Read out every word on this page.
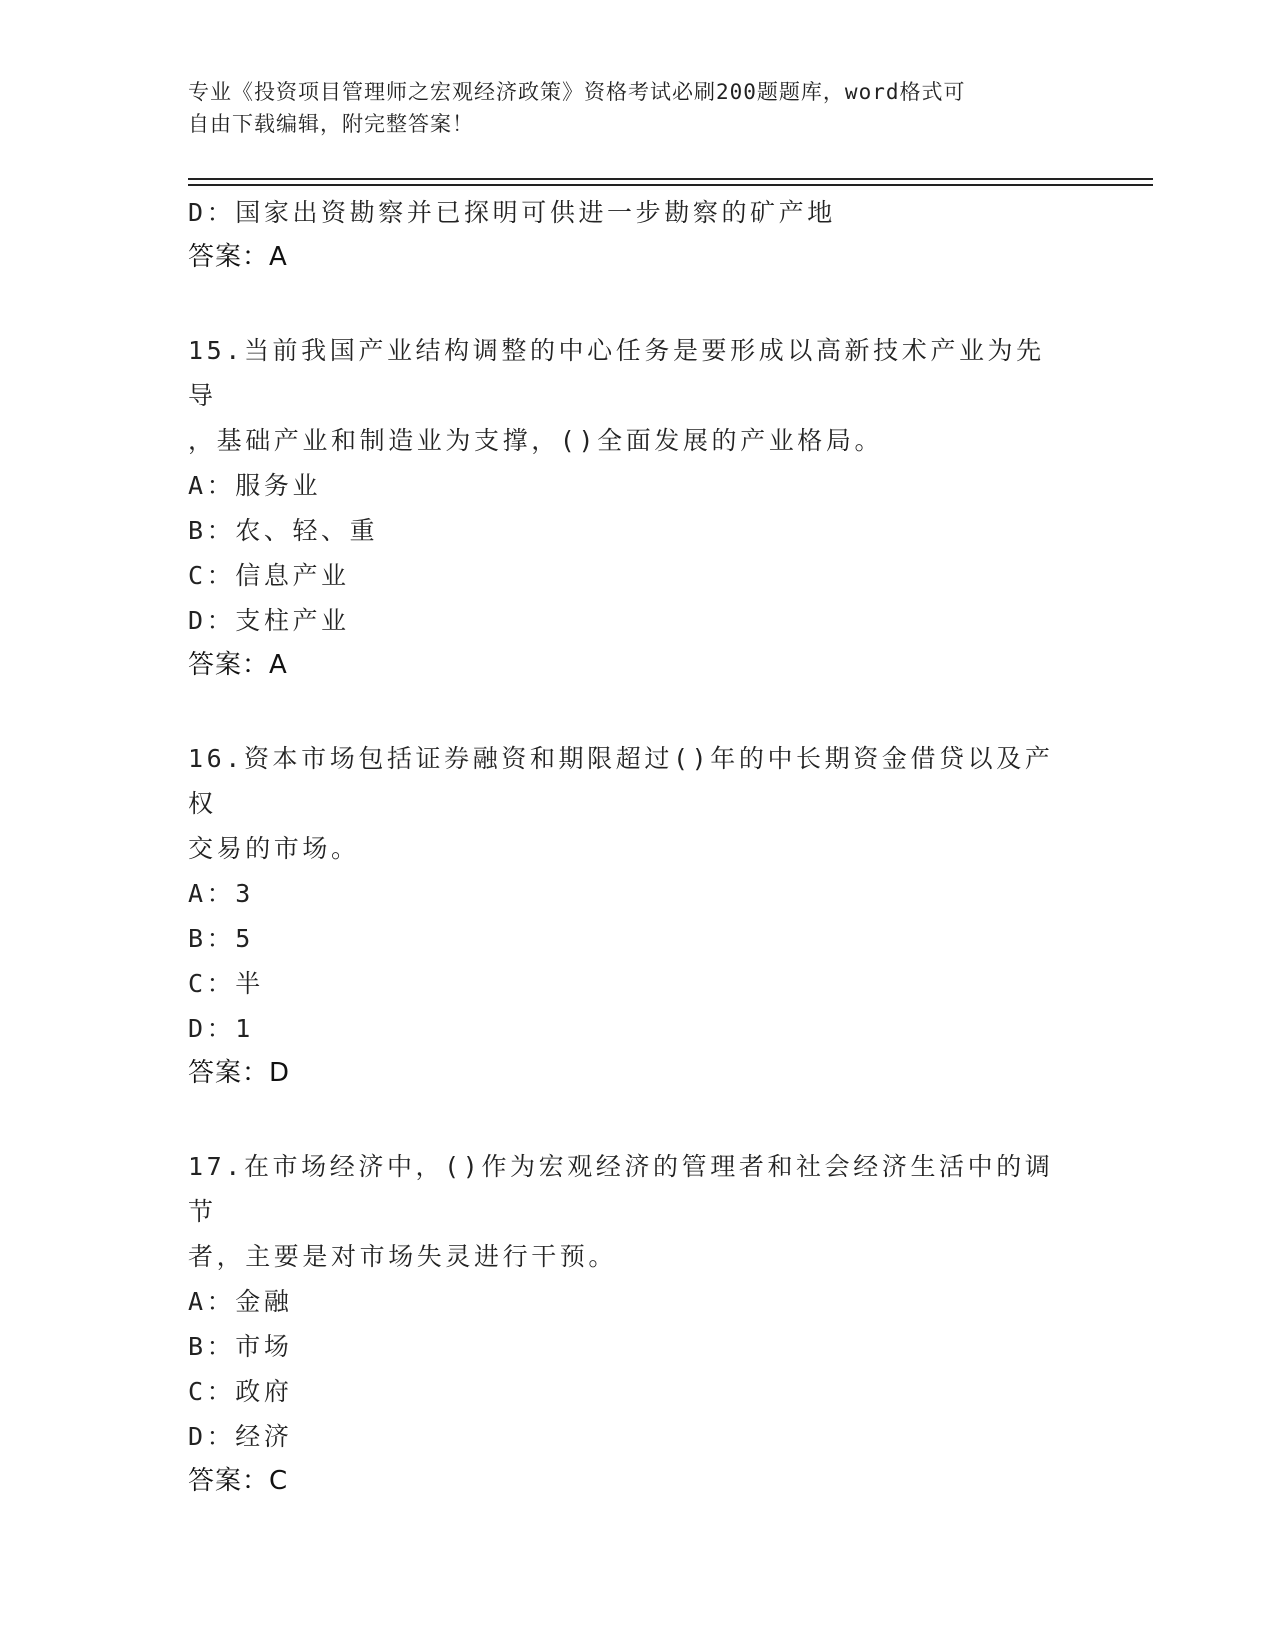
专业《投资项目管理师之宏观经济政策》资格考试必刷200题题库，word格式可
自由下载编辑，附完整答案！
D：国家出资勘察并已探明可供进一步勘察的矿产地
答案：A
15.当前我国产业结构调整的中心任务是要形成以高新技术产业为先导
，基础产业和制造业为支撑，()全面发展的产业格局。
A：服务业
B：农、轻、重
C：信息产业
D：支柱产业
答案：A
16.资本市场包括证券融资和期限超过()年的中长期资金借贷以及产权
交易的市场。
A：3
B：5
C：半
D：1
答案：D
17.在市场经济中，()作为宏观经济的管理者和社会经济生活中的调节
者，主要是对市场失灵进行干预。
A：金融
B：市场
C：政府
D：经济
答案：C
